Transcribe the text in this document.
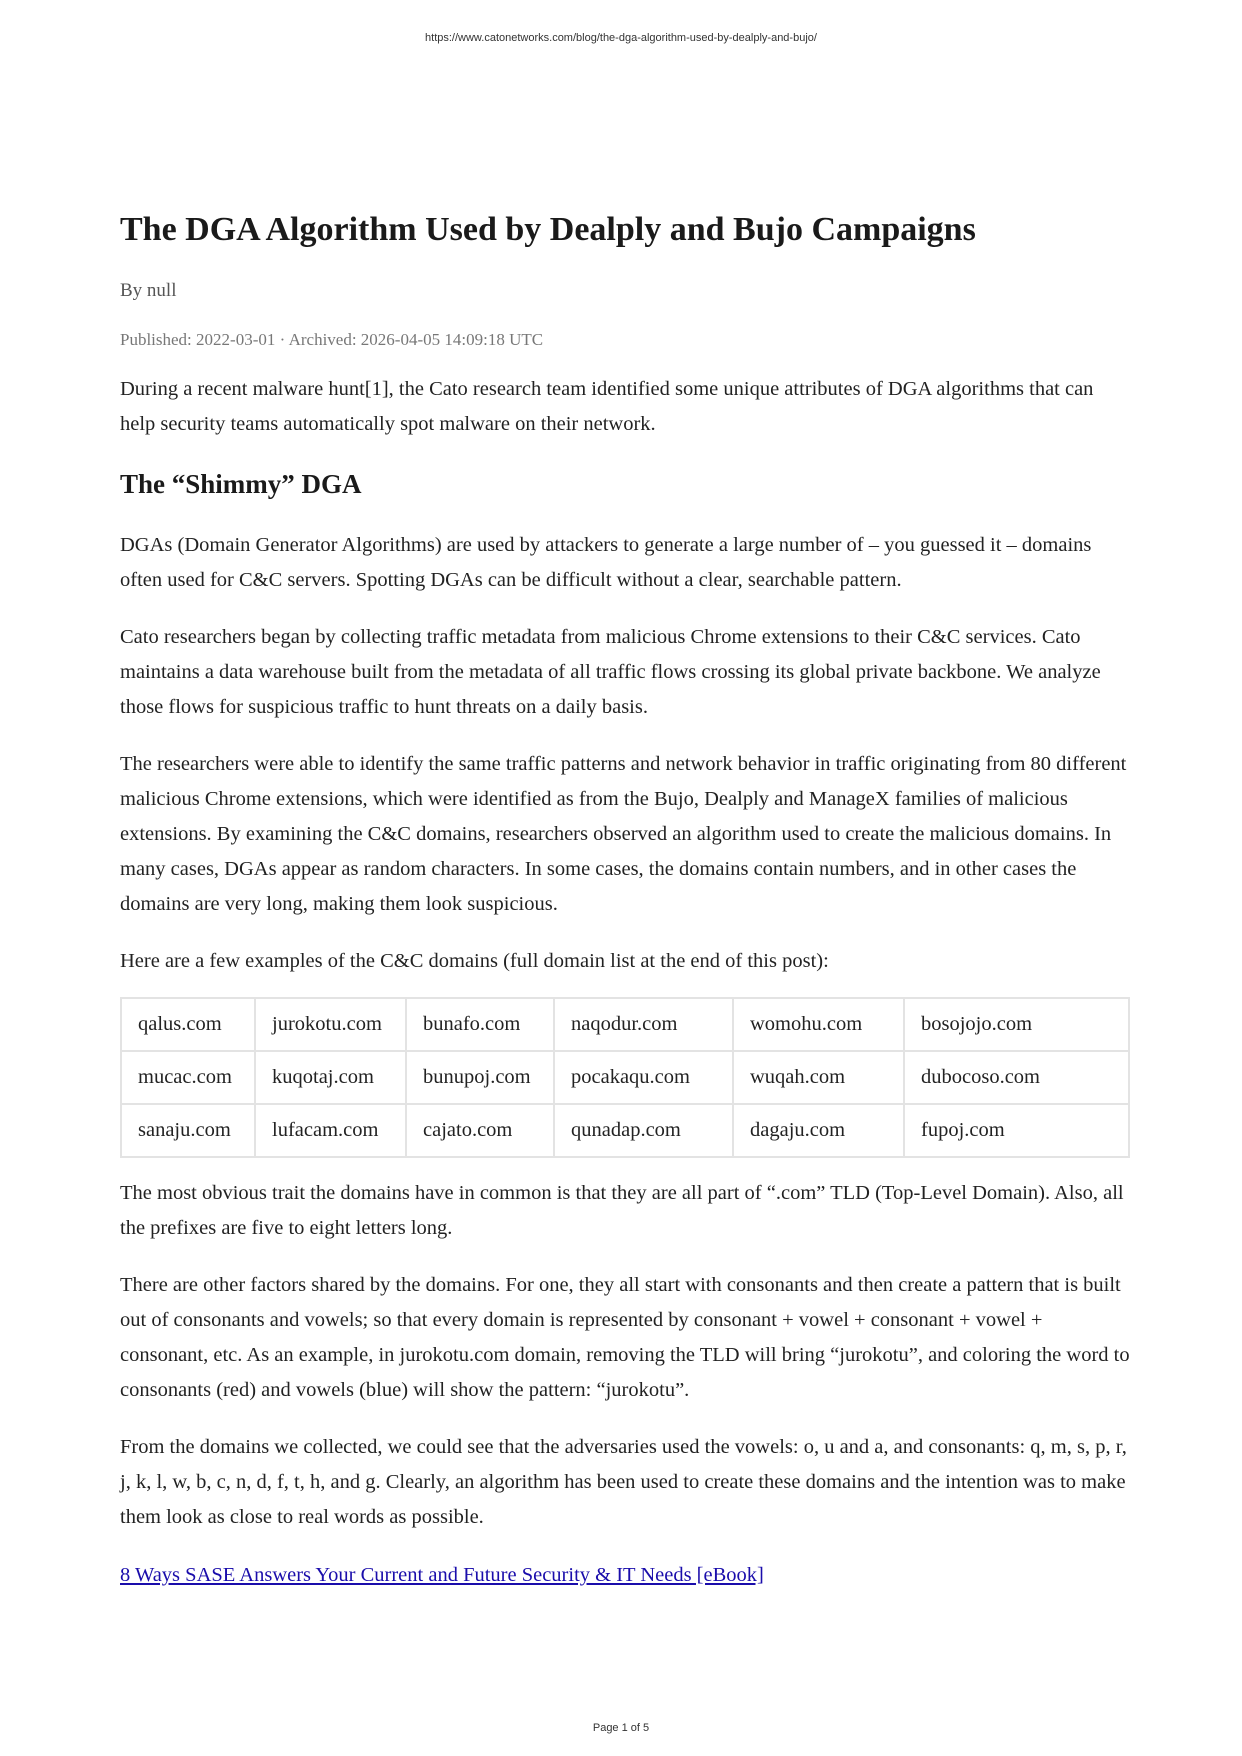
https://www.catonetworks.com/blog/the-dga-algorithm-used-by-dealply-and-bujo/
The DGA Algorithm Used by Dealply and Bujo Campaigns
By null
Published: 2022-03-01 · Archived: 2026-04-05 14:09:18 UTC

During a recent malware hunt[1], the Cato research team identified some unique attributes of DGA algorithms that can help security teams automatically spot malware on their network.

The “Shimmy” DGA

DGAs (Domain Generator Algorithms) are used by attackers to generate a large number of – you guessed it – domains often used for C&C servers. Spotting DGAs can be difficult without a clear, searchable pattern.

Cato researchers began by collecting traffic metadata from malicious Chrome extensions to their C&C services. Cato maintains a data warehouse built from the metadata of all traffic flows crossing its global private backbone. We analyze those flows for suspicious traffic to hunt threats on a daily basis.

The researchers were able to identify the same traffic patterns and network behavior in traffic originating from 80 different malicious Chrome extensions, which were identified as from the Bujo, Dealply and ManageX families of malicious extensions. By examining the C&C domains, researchers observed an algorithm used to create the malicious domains. In many cases, DGAs appear as random characters. In some cases, the domains contain numbers, and in other cases the domains are very long, making them look suspicious.

Here are a few examples of the C&C domains (full domain list at the end of this post):

qalus.com	jurokotu.com	bunafo.com	naqodur.com	womohu.com	bosojojo.com
mucac.com	kuqotaj.com	bunupoj.com	pocakaqu.com	wuqah.com	dubocoso.com
sanaju.com	lufacam.com	cajato.com	qunadap.com	dagaju.com	fupoj.com

The most obvious trait the domains have in common is that they are all part of “.com” TLD (Top-Level Domain). Also, all the prefixes are five to eight letters long.

There are other factors shared by the domains. For one, they all start with consonants and then create a pattern that is built out of consonants and vowels; so that every domain is represented by consonant + vowel + consonant + vowel + consonant, etc. As an example, in jurokotu.com domain, removing the TLD will bring “jurokotu”, and coloring the word to consonants (red) and vowels (blue) will show the pattern: “jurokotu”.

From the domains we collected, we could see that the adversaries used the vowels: o, u and a, and consonants: q, m, s, p, r, j, k, l, w, b, c, n, d, f, t, h, and g. Clearly, an algorithm has been used to create these domains and the intention was to make them look as close to real words as possible.

8 Ways SASE Answers Your Current and Future Security & IT Needs [eBook]
Page 1 of 5
